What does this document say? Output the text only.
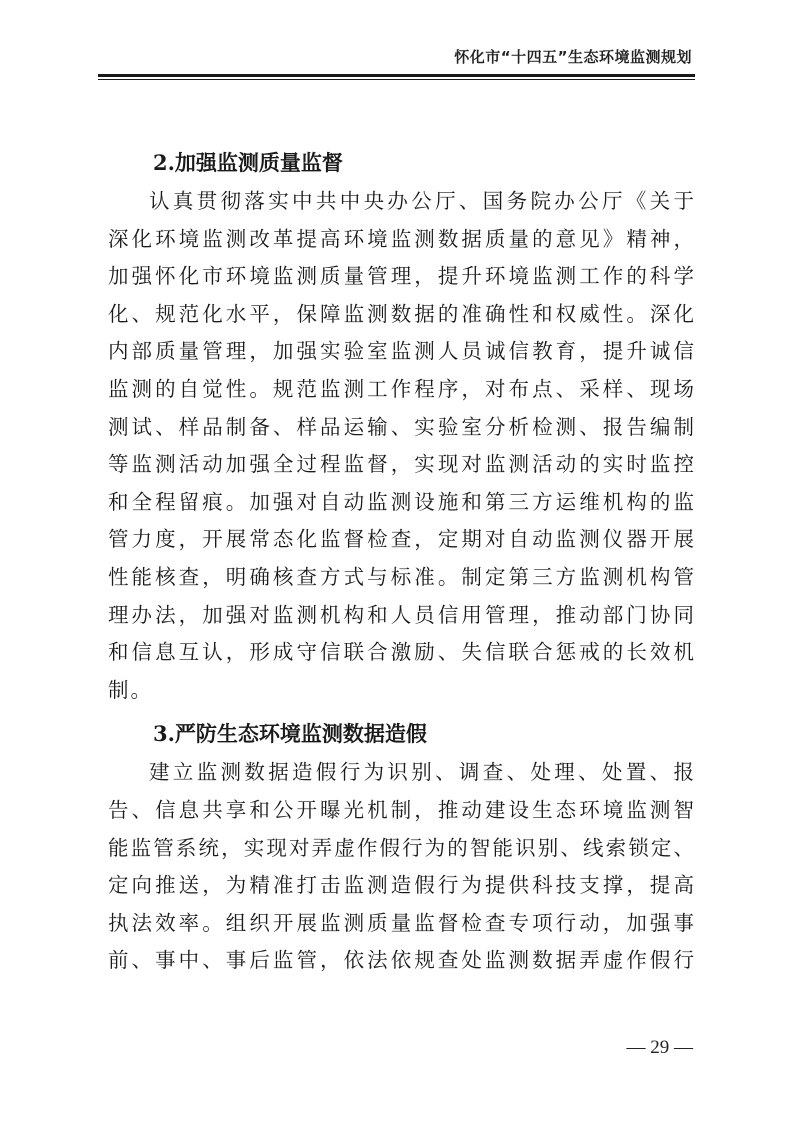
怀化市“十四五”生态环境监测规划
2.加强监测质量监督
认真贯彻落实中共中央办公厅、国务院办公厅《关于
深化环境监测改革提高环境监测数据质量的意见》精神，
加强怀化市环境监测质量管理，提升环境监测工作的科学
化、规范化水平，保障监测数据的准确性和权威性。深化
内部质量管理，加强实验室监测人员诚信教育，提升诚信
监测的自觉性。规范监测工作程序，对布点、采样、现场
测试、样品制备、样品运输、实验室分析检测、报告编制
等监测活动加强全过程监督，实现对监测活动的实时监控
和全程留痕。加强对自动监测设施和第三方运维机构的监
管力度，开展常态化监督检查，定期对自动监测仪器开展
性能核查，明确核查方式与标准。制定第三方监测机构管
理办法，加强对监测机构和人员信用管理，推动部门协同
和信息互认，形成守信联合激励、失信联合惩戒的长效机
制。
3.严防生态环境监测数据造假
建立监测数据造假行为识别、调查、处理、处置、报
告、信息共享和公开曝光机制，推动建设生态环境监测智
能监管系统，实现对弄虚作假行为的智能识别、线索锁定、
定向推送，为精准打击监测造假行为提供科技支撑，提高
执法效率。组织开展监测质量监督检查专项行动，加强事
前、事中、事后监管，依法依规查处监测数据弄虚作假行
— 29 —
